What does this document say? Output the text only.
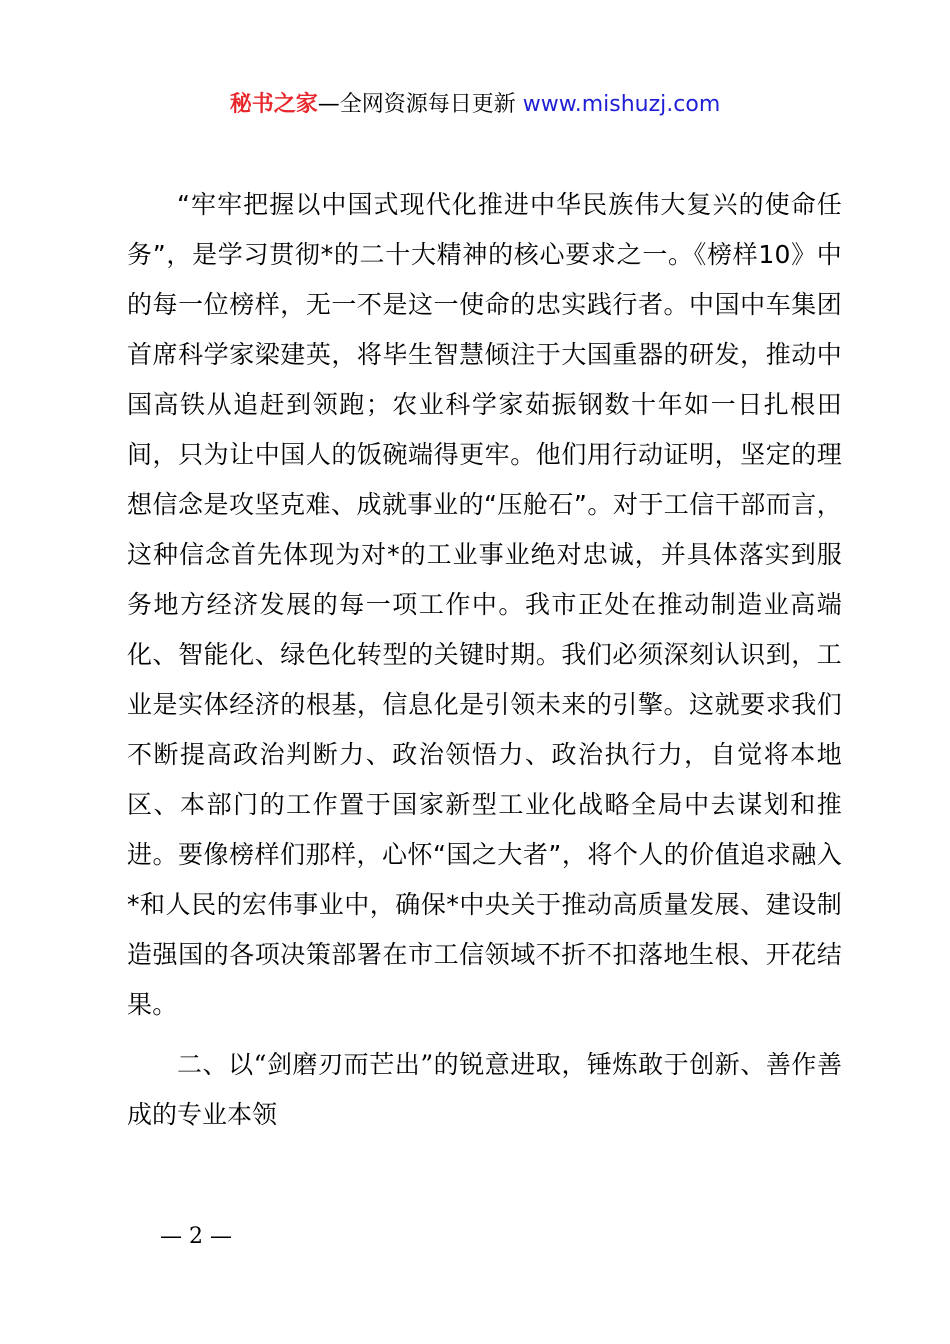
秘书之家—全网资源每日更新 www.mishuzj.com

“牢牢把握以中国式现代化推进中华民族伟大复兴的使命任务”，是学习贯彻*的二十大精神的核心要求之一。《榜样10》中的每一位榜样，无一不是这一使命的忠实践行者。中国中车集团首席科学家梁建英，将毕生智慧倾注于大国重器的研发，推动中国高铁从追赶到领跑；农业科学家茹振钢数十年如一日扎根田间，只为让中国人的饭碗端得更牢。他们用行动证明，坚定的理想信念是攻坚克难、成就事业的“压舱石”。对于工信干部而言，这种信念首先体现为对*的工业事业绝对忠诚，并具体落实到服务地方经济发展的每一项工作中。我市正处在推动制造业高端化、智能化、绿色化转型的关键时期。我们必须深刻认识到，工业是实体经济的根基，信息化是引领未来的引擎。这就要求我们不断提高政治判断力、政治领悟力、政治执行力，自觉将本地区、本部门的工作置于国家新型工业化战略全局中去谋划和推进。要像榜样们那样，心怀“国之大者”，将个人的价值追求融入*和人民的宏伟事业中，确保*中央关于推动高质量发展、建设制造强国的各项决策部署在市工信领域不折不扣落地生根、开花结果。

二、以“剑磨刃而芒出”的锐意进取，锤炼敢于创新、善作善成的专业本领

— 2 —
